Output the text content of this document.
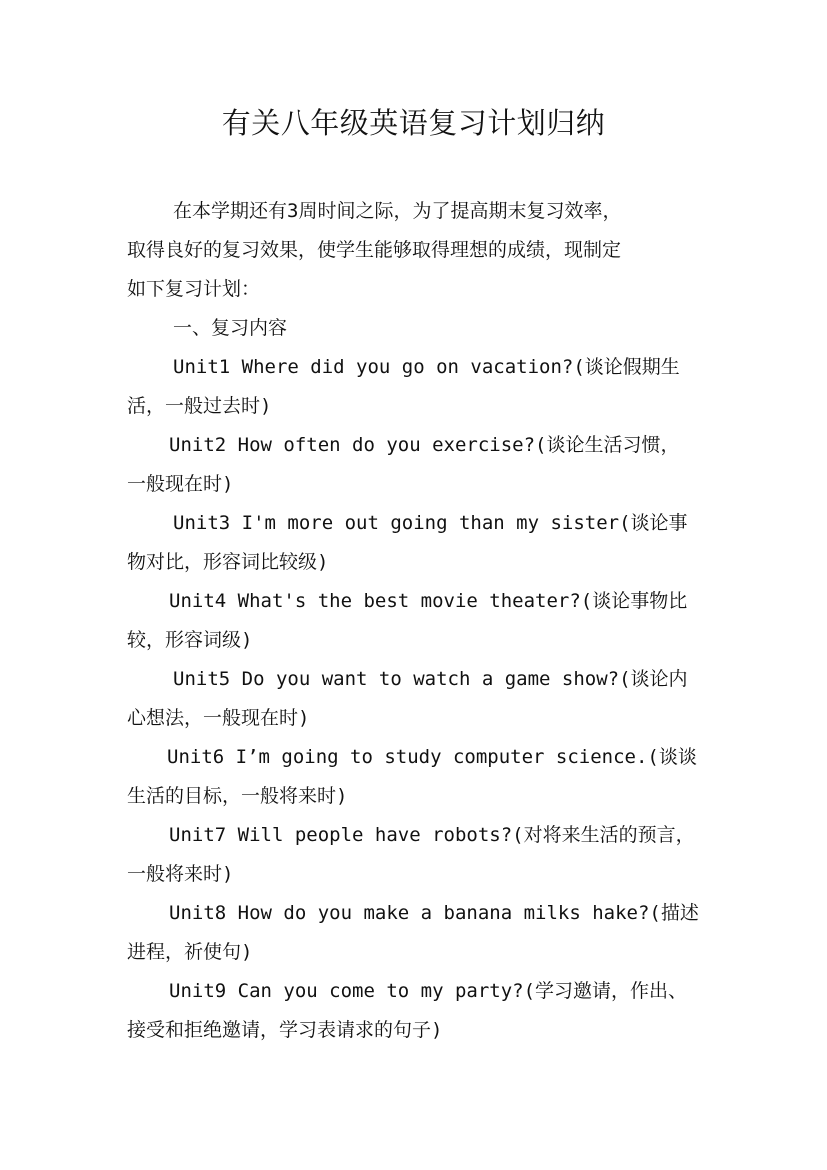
有关八年级英语复习计划归纳
在本学期还有3周时间之际，为了提高期末复习效率，
取得良好的复习效果，使学生能够取得理想的成绩，现制定
如下复习计划：
一、复习内容
Unit1 Where did you go on vacation?(谈论假期生
活，一般过去时)
Unit2 How often do you exercise?(谈论生活习惯，
一般现在时)
Unit3 I'm more out going than my sister(谈论事
物对比，形容词比较级)
Unit4 What's the best movie theater?(谈论事物比
较，形容词级)
Unit5 Do you want to watch a game show?(谈论内
心想法，一般现在时)
Unit6 I’m going to study computer science.(谈谈
生活的目标，一般将来时)
Unit7 Will people have robots?(对将来生活的预言，
一般将来时)
Unit8 How do you make a banana milks hake?(描述
进程，祈使句)
Unit9 Can you come to my party?(学习邀请，作出、
接受和拒绝邀请，学习表请求的句子)
